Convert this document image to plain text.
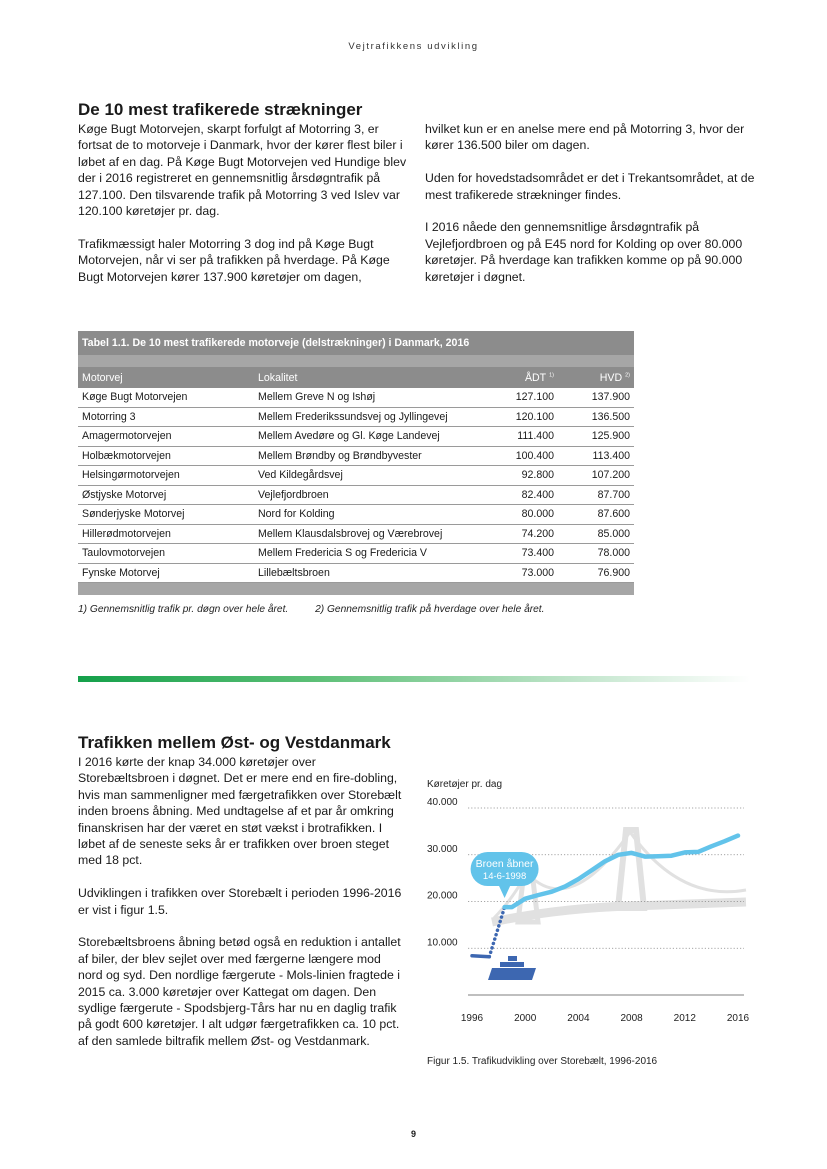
Vejtrafikkens udvikling
De 10 mest trafikerede strækninger

Køge Bugt Motorvejen, skarpt forfulgt af Motorring 3, er fortsat de to motorveje i Danmark, hvor der kører flest biler i løbet af en dag. På Køge Bugt Motorvejen ved Hundige blev der i 2016 registreret en gennemsnitlig årsdøgntrafik på 127.100. Den tilsvarende trafik på Motorring 3 ved Islev var 120.100 køretøjer pr. dag.

Trafikmæssigt haler Motorring 3 dog ind på Køge Bugt Motorvejen, når vi ser på trafikken på hverdage. På Køge Bugt Motorvejen kører 137.900 køretøjer om dagen,

hvilket kun er en anelse mere end på Motorring 3, hvor der kører 136.500 biler om dagen.

Uden for hovedstadsområdet er det i Trekantsområdet, at de mest trafikerede strækninger findes.

I 2016 nåede den gennemsnitlige årsdøgntrafik på Vejlefjordbroen og på E45 nord for Kolding op over 80.000 køretøjer. På hverdage kan trafikken komme op på 90.000 køretøjer i døgnet.

Tabel 1.1. De 10 mest trafikerede motorveje (delstrækninger) i Danmark, 2016
Motorvej	Lokalitet	ÅDT $^{1)}$	HVD $^{2)}$
Køge Bugt Motorvejen	Mellem Greve N og Ishøj	127.100	137.900
Motorring 3	Mellem Frederikssundsvej og Jyllingevej	120.100	136.500
Amagermotorvejen	Mellem Avedøre og Gl. Køge Landevej	111.400	125.900
Holbækmotorvejen	Mellem Brøndby og Brøndbyvester	100.400	113.400
Helsingørmotorvejen	Ved Kildegårdsvej	92.800	107.200
Østjyske Motorvej	Vejlefjordbroen	82.400	87.700
Sønderjyske Motorvej	Nord for Kolding	80.000	87.600
Hillerødmotorvejen	Mellem Klausdalsbrovej og Værebrovej	74.200	85.000
Taulovmotorvejen	Mellem Fredericia S og Fredericia V	73.400	78.000
Fynske Motorvej	Lillebæltsbroen	73.000	76.900
1) Gennemsnitlig trafik pr. døgn over hele året.	2) Gennemsnitlig trafik på hverdage over hele året.
Trafikken mellem Øst- og Vestdanmark

I 2016 kørte der knap 34.000 køretøjer over Storebæltsbroen i døgnet. Det er mere end en fire-dobling, hvis man sammenligner med færgetrafikken over Storebælt inden broens åbning. Med undtagelse af et par år omkring finanskrisen har der været en støt vækst i brotrafikken. I løbet af de seneste seks år er trafikken over broen steget med 18 pct.

Udviklingen i trafikken over Storebælt i perioden 1996-2016 er vist i figur 1.5.

Storebæltsbroens åbning betød også en reduktion i antallet af biler, der blev sejlet over med færgerne længere mod nord og syd. Den nordlige færgerute - Mols-linien fragtede i 2015 ca. 3.000 køretøjer over Kattegat om dagen. Den sydlige færgerute - Spodsbjerg-Tårs har nu en daglig trafik på godt 600 køretøjer. I alt udgør færgetrafikken ca. 10 pct. af den samlede biltrafik mellem Øst- og Vestdanmark.

Køretøjer pr. dag
10.000
20.000
30.000
40.000
1996	2000	2004	2008	2012	2016
Broen åbner
14-6-1998
Figur 1.5. Trafikudvikling over Storebælt, 1996-2016
9
